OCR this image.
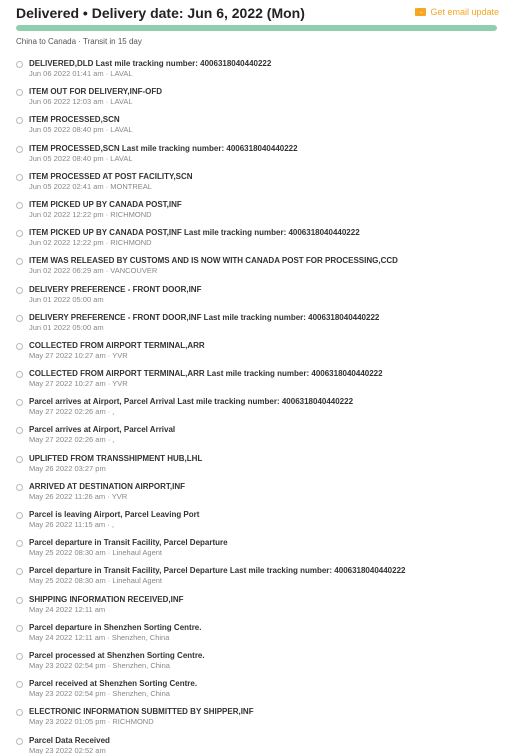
Delivered • Delivery date: Jun 6, 2022 (Mon)	Get email update
China to Canada · Transit in 15 day
DELIVERED,DLD Last mile tracking number: 4006318040440222
Jun 06 2022 01:41 am · LAVAL
ITEM OUT FOR DELIVERY,INF-OFD
Jun 06 2022 12:03 am · LAVAL
ITEM PROCESSED,SCN
Jun 05 2022 08:40 pm · LAVAL
ITEM PROCESSED,SCN Last mile tracking number: 4006318040440222
Jun 05 2022 08:40 pm · LAVAL
ITEM PROCESSED AT POST FACILITY,SCN
Jun 05 2022 02:41 am · MONTREAL
ITEM PICKED UP BY CANADA POST,INF
Jun 02 2022 12:22 pm · RICHMOND
ITEM PICKED UP BY CANADA POST,INF Last mile tracking number: 4006318040440222
Jun 02 2022 12:22 pm · RICHMOND
ITEM WAS RELEASED BY CUSTOMS AND IS NOW WITH CANADA POST FOR PROCESSING,CCD
Jun 02 2022 06:29 am · VANCOUVER
DELIVERY PREFERENCE - FRONT DOOR,INF
Jun 01 2022 05:00 am
DELIVERY PREFERENCE - FRONT DOOR,INF Last mile tracking number: 4006318040440222
Jun 01 2022 05:00 am
COLLECTED FROM AIRPORT TERMINAL,ARR
May 27 2022 10:27 am · YVR
COLLECTED FROM AIRPORT TERMINAL,ARR Last mile tracking number: 4006318040440222
May 27 2022 10:27 am · YVR
Parcel arrives at Airport, Parcel Arrival Last mile tracking number: 4006318040440222
May 27 2022 02:26 am · ,
Parcel arrives at Airport, Parcel Arrival
May 27 2022 02:26 am · ,
UPLIFTED FROM TRANSSHIPMENT HUB,LHL
May 26 2022 03:27 pm
ARRIVED AT DESTINATION AIRPORT,INF
May 26 2022 11:26 am · YVR
Parcel is leaving Airport, Parcel Leaving Port
May 26 2022 11:15 am · ,
Parcel departure in Transit Facility, Parcel Departure
May 25 2022 08:30 am · Linehaul Agent
Parcel departure in Transit Facility, Parcel Departure Last mile tracking number: 4006318040440222
May 25 2022 08:30 am · Linehaul Agent
SHIPPING INFORMATION RECEIVED,INF
May 24 2022 12:11 am
Parcel departure in Shenzhen Sorting Centre.
May 24 2022 12:11 am · Shenzhen, China
Parcel processed at Shenzhen Sorting Centre.
May 23 2022 02:54 pm · Shenzhen, China
Parcel received at Shenzhen Sorting Centre.
May 23 2022 02:54 pm · Shenzhen, China
ELECTRONIC INFORMATION SUBMITTED BY SHIPPER,INF
May 23 2022 01:05 pm · RICHMOND
Parcel Data Received
May 23 2022 02:52 am
